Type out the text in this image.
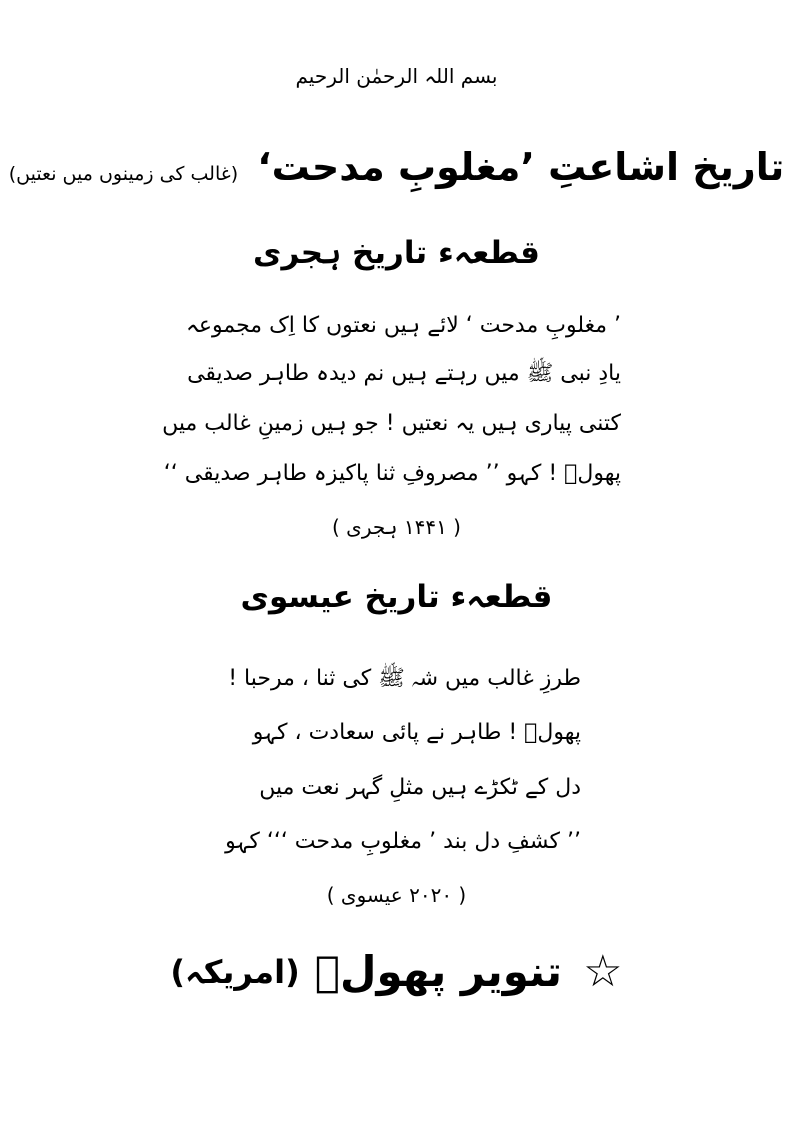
بسم اللہ الرحمٰن الرحیم
تاریخ اشاعتِ ’مغلوبِ مدحت‘ (غالب کی زمینوں میں نعتیں)
قطعہء تاریخ ہجری
’ مغلوبِ مدحت ‘ لائے ہیں نعتوں کا اِک مجموعہ
یادِ نبی ﷺ میں رہتے ہیں نم دیدہ طاہر صدیقی
کتنی پیاری ہیں یہ نعتیں ! جو ہیں زمینِ غالب میں
پھولؔ ! کہو ’’ مصروفِ ثنا پاکیزہ طاہر صدیقی ‘‘
( ۱۴۴۱ ہجری )
قطعہء تاریخ عیسوی
طرزِ غالب میں شہ ﷺ کی ثنا ، مرحبا !
پھولؔ ! طاہر نے پائی سعادت ، کہو
دل کے ٹکڑے ہیں مثلِ گہر نعت میں
’’ کشفِ دل بند ’ مغلوبِ مدحت ‘‘‘ کہو
( ۲۰۲۰ عیسوی )
☆ تنویر پھولؔ (امریکہ)
